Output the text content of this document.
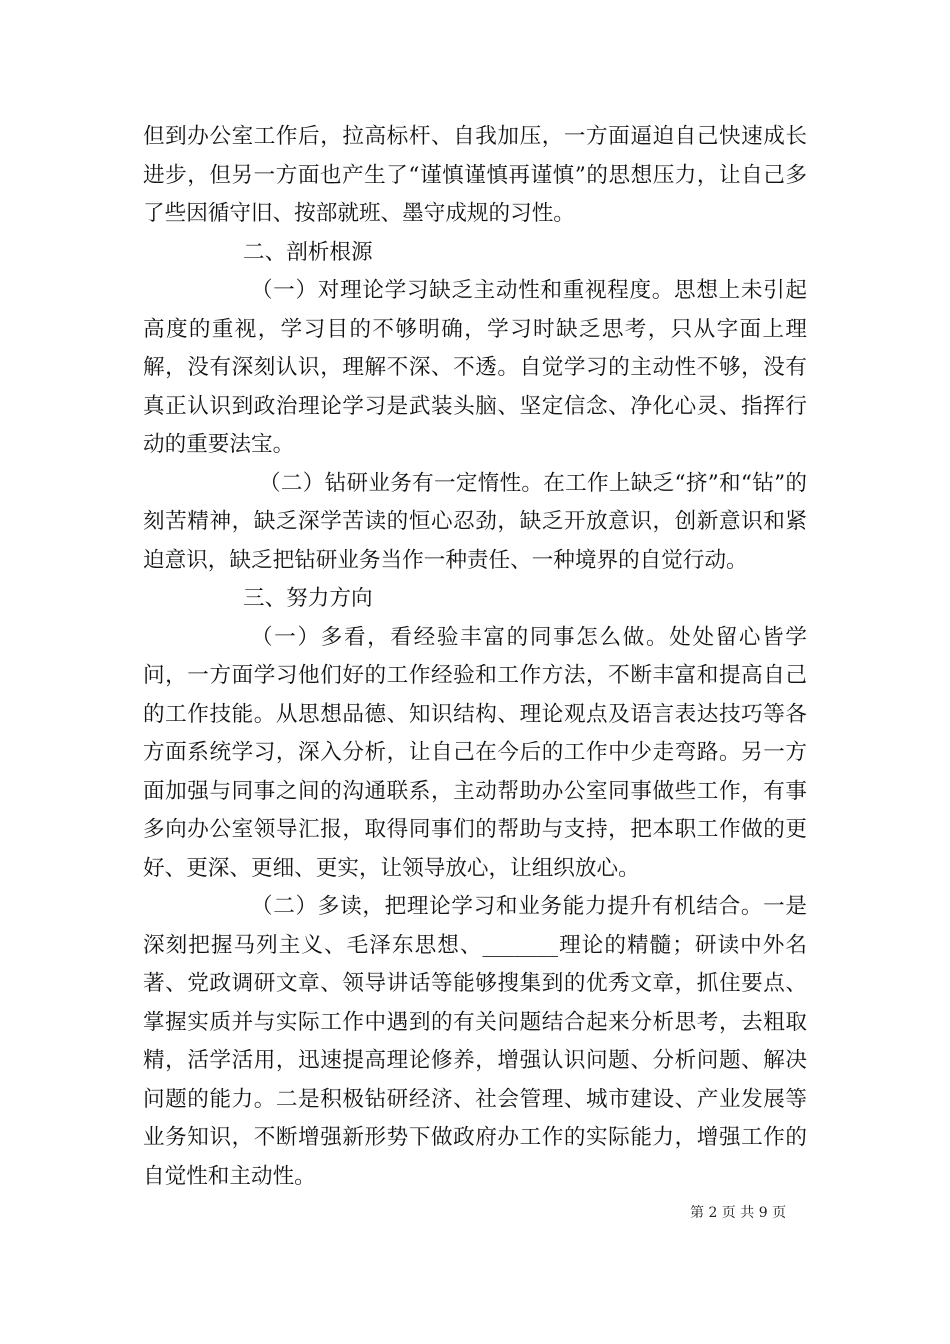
但到办公室工作后，拉高标杆、自我加压，一方面逼迫自己快速成长进步，但另一方面也产生了“谨慎谨慎再谨慎”的思想压力，让自己多了些因循守旧、按部就班、墨守成规的习性。

二、剖析根源

（一）对理论学习缺乏主动性和重视程度。思想上未引起高度的重视，学习目的不够明确，学习时缺乏思考，只从字面上理解，没有深刻认识，理解不深、不透。自觉学习的主动性不够，没有真正认识到政治理论学习是武装头脑、坚定信念、净化心灵、指挥行动的重要法宝。

（二）钻研业务有一定惰性。在工作上缺乏“挤”和“钻”的刻苦精神，缺乏深学苦读的恒心忍劲，缺乏开放意识，创新意识和紧迫意识，缺乏把钻研业务当作一种责任、一种境界的自觉行动。

三、努力方向

（一）多看，看经验丰富的同事怎么做。处处留心皆学问，一方面学习他们好的工作经验和工作方法，不断丰富和提高自己的工作技能。从思想品德、知识结构、理论观点及语言表达技巧等各方面系统学习，深入分析，让自己在今后的工作中少走弯路。另一方面加强与同事之间的沟通联系，主动帮助办公室同事做些工作，有事多向办公室领导汇报，取得同事们的帮助与支持，把本职工作做的更好、更深、更细、更实，让领导放心，让组织放心。

（二）多读，把理论学习和业务能力提升有机结合。一是深刻把握马列主义、毛泽东思想、_______理论的精髓；研读中外名著、党政调研文章、领导讲话等能够搜集到的优秀文章，抓住要点、掌握实质并与实际工作中遇到的有关问题结合起来分析思考，去粗取精，活学活用，迅速提高理论修养，增强认识问题、分析问题、解决问题的能力。二是积极钻研经济、社会管理、城市建设、产业发展等业务知识，不断增强新形势下做政府办工作的实际能力，增强工作的自觉性和主动性。

第 2 页 共 9 页
